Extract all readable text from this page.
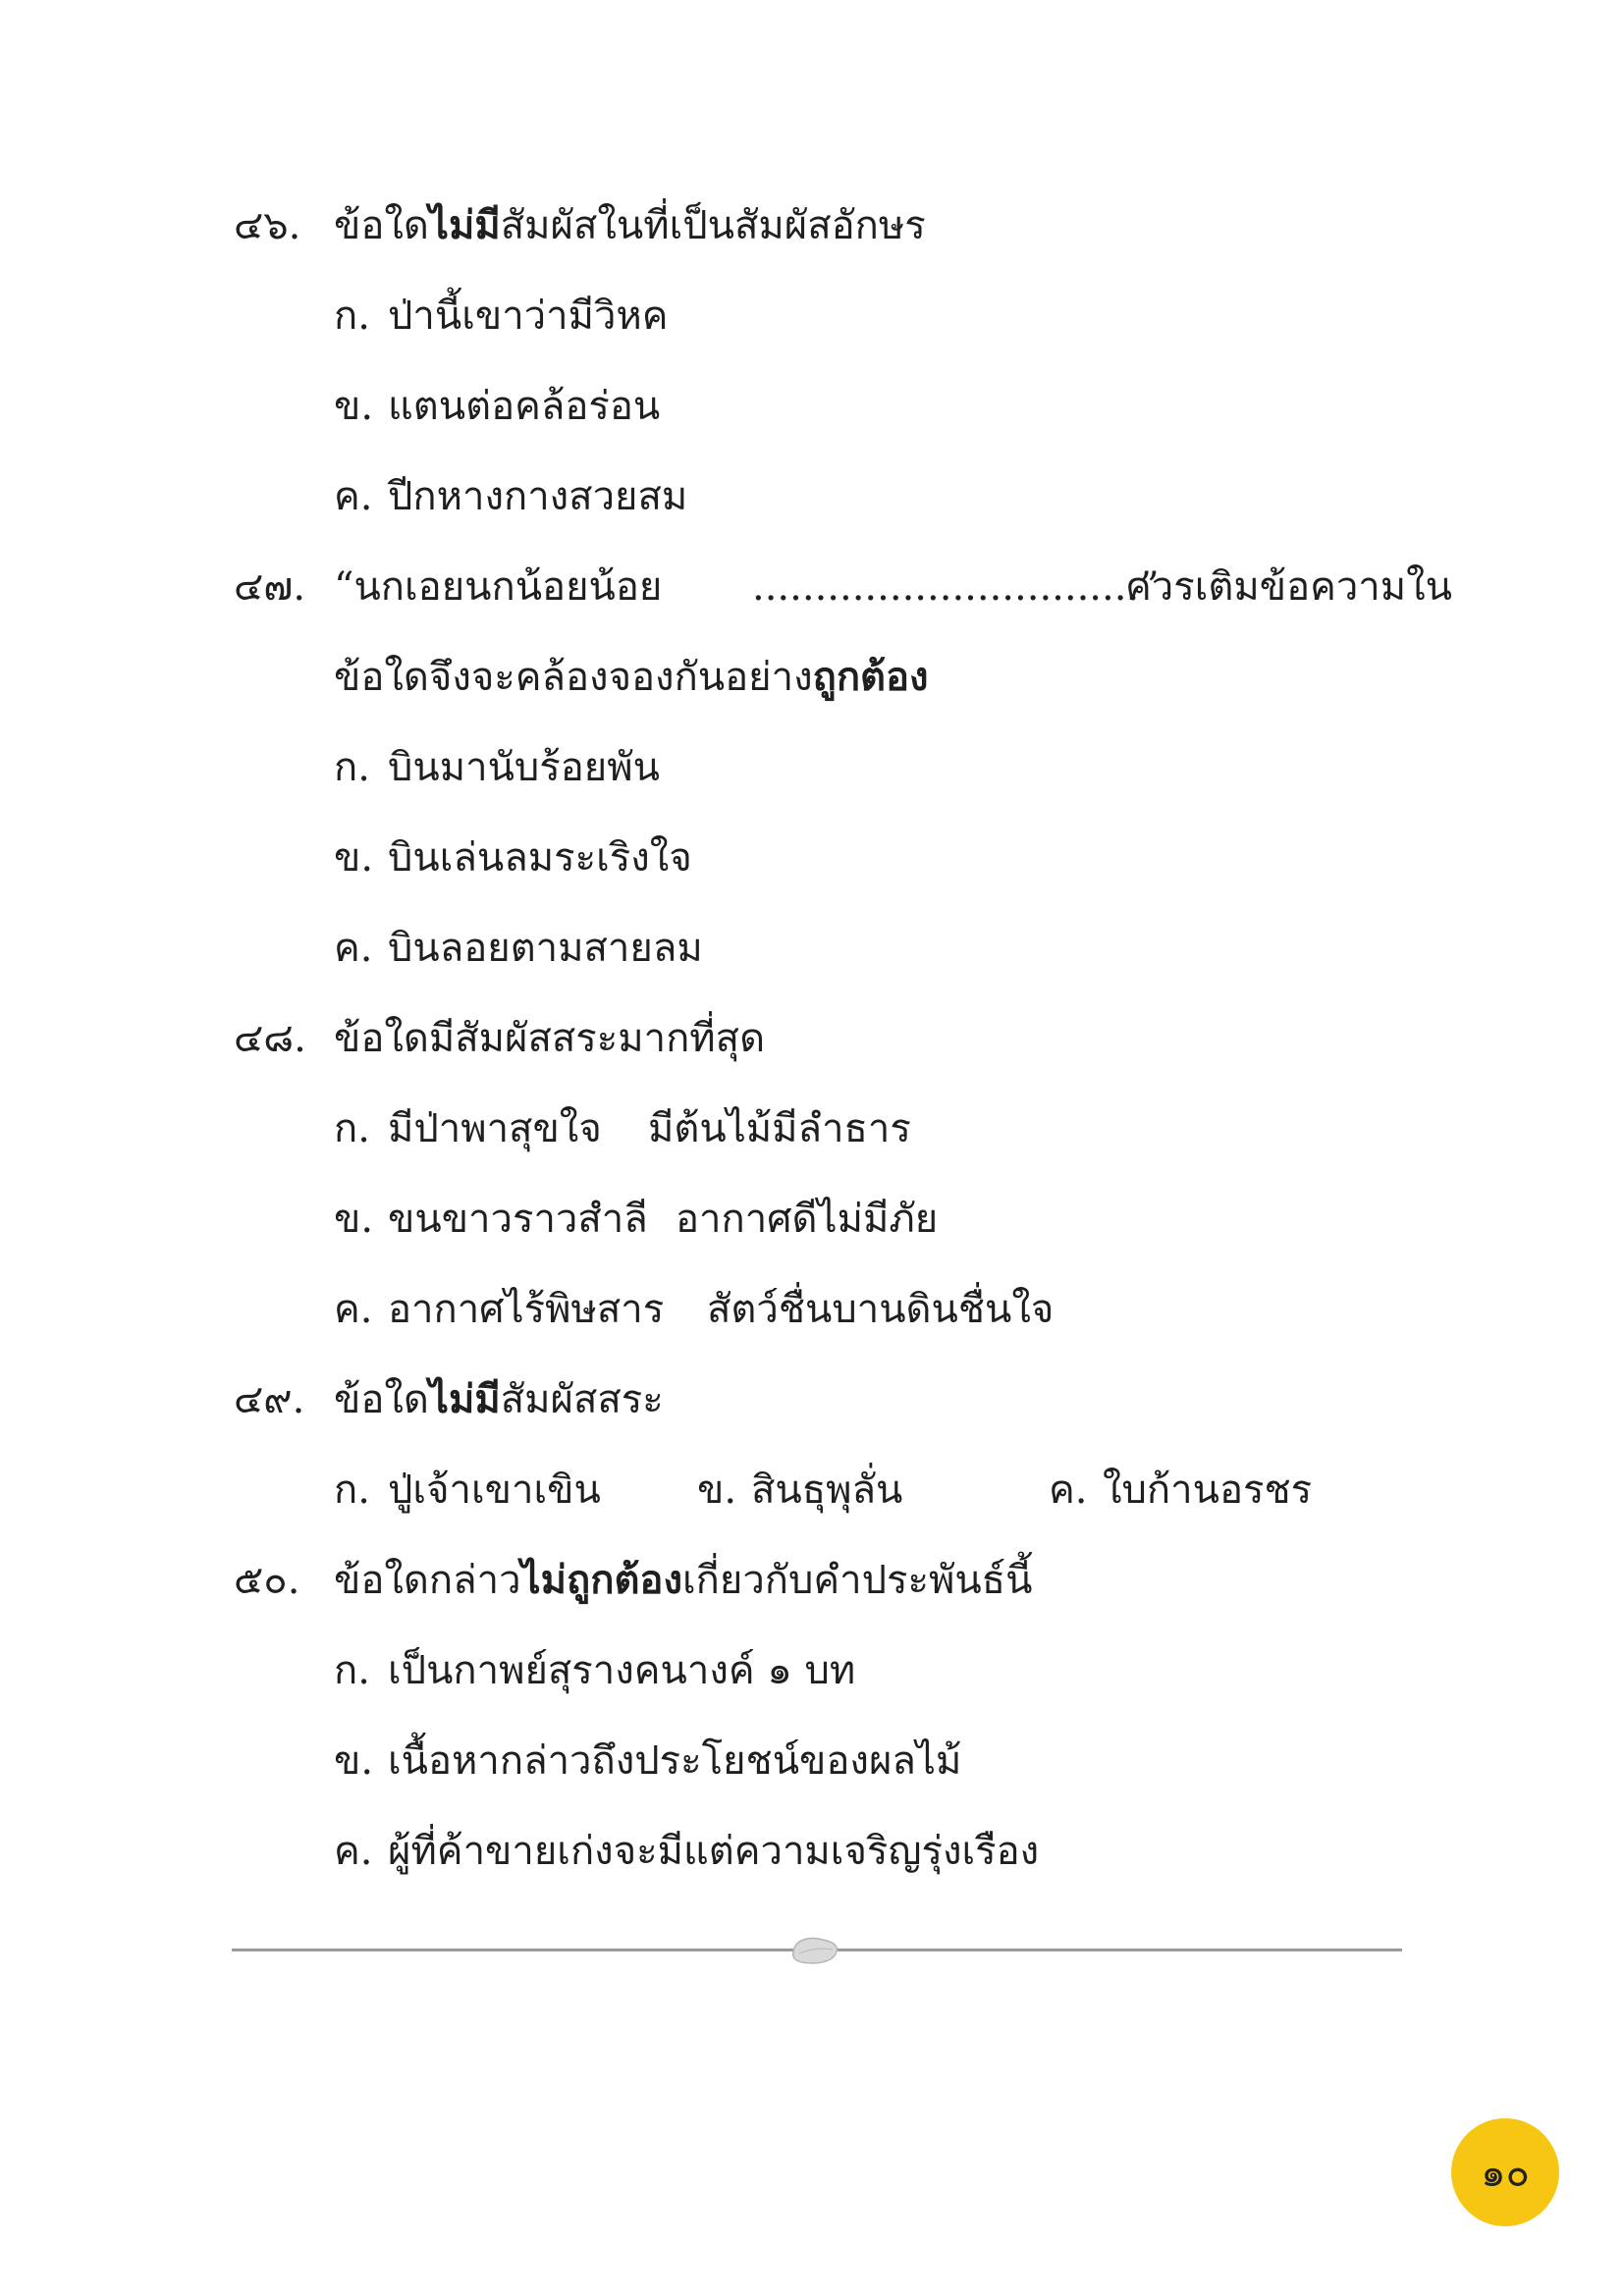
๔๖. ข้อใดไม่มีสัมผัสในที่เป็นสัมผัสอักษร
ก. ป่านี้เขาว่ามีวิหค
ข. แตนต่อคล้อร่อน
ค. ปีกหางกางสวยสม
๔๗. “นกเอยนกน้อยน้อย ...............................”
ควรเติมข้อความใน
ข้อใดจึงจะคล้องจองกันอย่างถูกต้อง
ก. บินมานับร้อยพัน
ข. บินเล่นลมระเริงใจ
ค. บินลอยตามสายลม
๔๘. ข้อใดมีสัมผัสสระมากที่สุด
ก. มีป่าพาสุขใจ มีต้นไม้มีลำธาร
ข. ขนขาวราวสำลี อากาศดีไม่มีภัย
ค. อากาศไร้พิษสาร สัตว์ชื่นบานดินชื่นใจ
๔๙. ข้อใดไม่มีสัมผัสสระ
ก. ปู่เจ้าเขาเขิน ข. สินธุพุลั่น	ค. ใบก้านอรชร
๕๐. ข้อใดกล่าวไม่ถูกต้องเกี่ยวกับคำประพันธ์นี้
ก. เป็นกาพย์สุรางคนางค์ ๑ บท
ข. เนื้อหากล่าวถึงประโยชน์ของผลไม้
ค. ผู้ที่ค้าขายเก่งจะมีแต่ความเจริญรุ่งเรือง
๑๐
